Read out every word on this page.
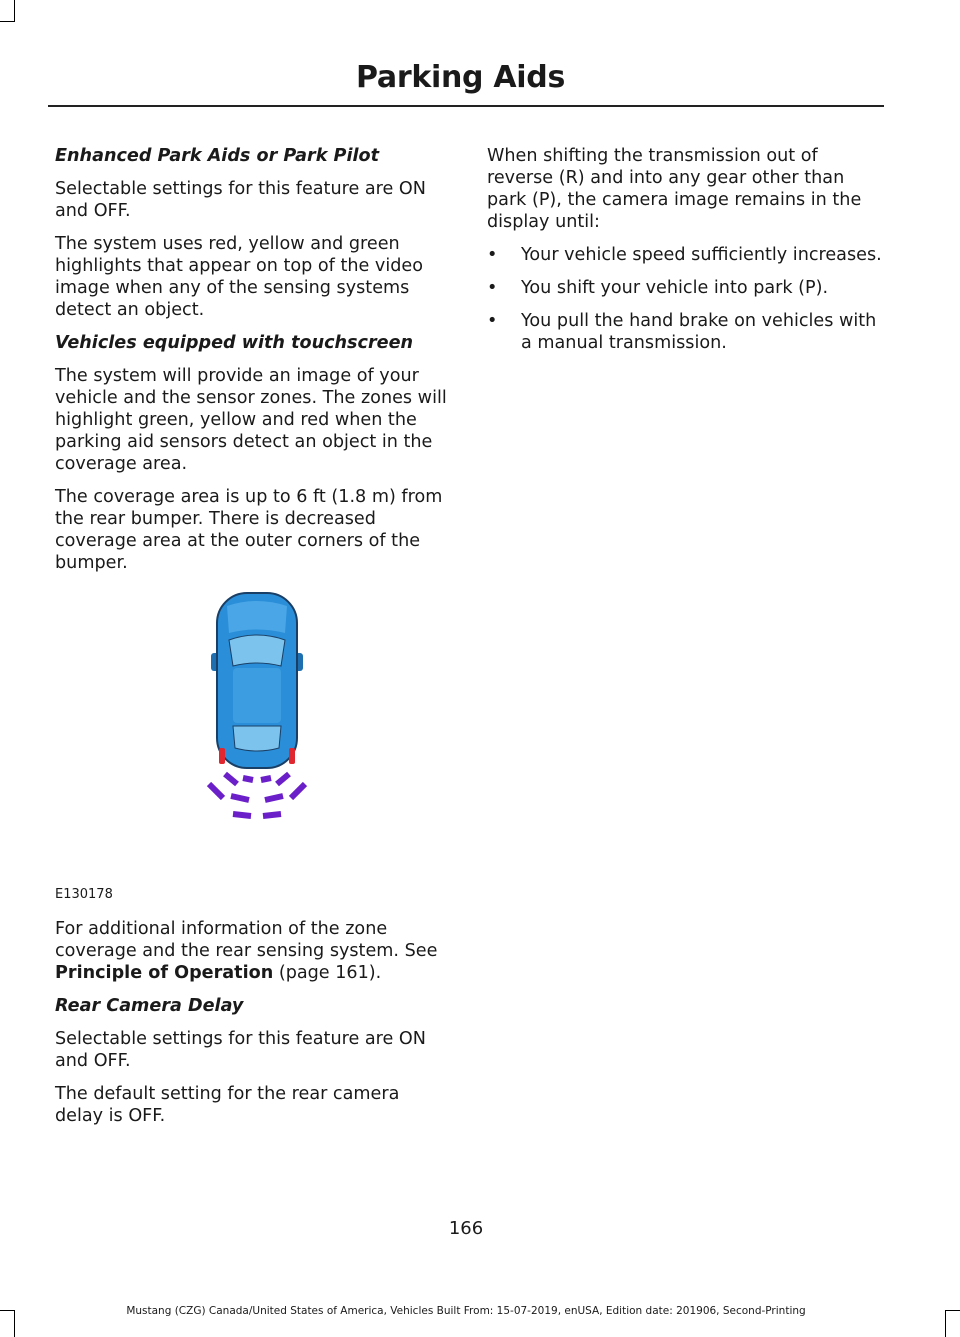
Parking Aids
Enhanced Park Aids or Park Pilot

Selectable settings for this feature are ON and OFF.

The system uses red, yellow and green highlights that appear on top of the video image when any of the sensing systems detect an object.

Vehicles equipped with touchscreen

The system will provide an image of your vehicle and the sensor zones. The zones will highlight green, yellow and red when the parking aid sensors detect an object in the coverage area.

The coverage area is up to 6 ft (1.8 m) from the rear bumper. There is decreased coverage area at the outer corners of the bumper.

E130178

For additional information of the zone coverage and the rear sensing system. See Principle of Operation (page 161).

Rear Camera Delay

Selectable settings for this feature are ON and OFF.

The default setting for the rear camera delay is OFF.

When shifting the transmission out of reverse (R) and into any gear other than park (P), the camera image remains in the display until:

• Your vehicle speed sufficiently increases.
• You shift your vehicle into park (P).
• You pull the hand brake on vehicles with a manual transmission.
166
Mustang (CZG) Canada/United States of America, Vehicles Built From: 15-07-2019, enUSA, Edition date: 201906, Second-Printing
